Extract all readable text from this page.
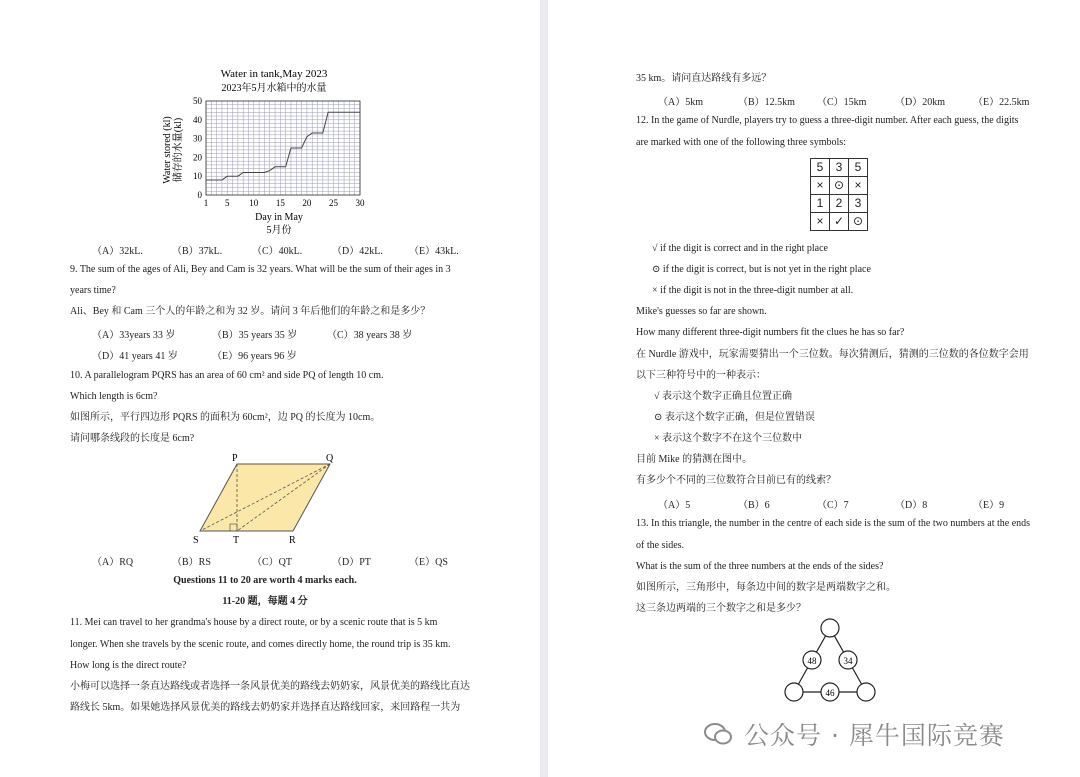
Water in tank,May 2023
2023年5月水箱中的水量
0
10
20
30
40
50
1 5 10 15 20 25 30
Water stored (kl) 储存的水量(kl)
Day in May
5月份
（A）32kL.	（B）37kL.	（C）40kL.	（D）42kL.	（E）43kL.
9. The sum of the ages of Ali, Bey and Cam is 32 years. What will be the sum of their ages in 3
years time?
Ali、Bey 和 Cam 三个人的年龄之和为 32 岁。请问 3 年后他们的年龄之和是多少？
（A）33years 33 岁	（B）35 years 35 岁	（C）38 years 38 岁
（D）41 years 41 岁	（E）96 years 96 岁
10. A parallelogram PQRS has an area of 60 cm² and side PQ of length 10 cm.
Which length is 6cm?
如图所示，平行四边形 PQRS 的面积为 60cm²，边 PQ 的长度为 10cm。
请问哪条线段的长度是 6cm?
P	Q
R
S	T
（A）RQ	（B）RS	（C）QT	（D）PT	（E）QS
Questions 11 to 20 are worth 4 marks each.
11-20 题，每题 4 分
11. Mei can travel to her grandma's house by a direct route, or by a scenic route that is 5 km
longer. When she travels by the scenic route, and comes directly home, the round trip is 35 km.
How long is the direct route?
小梅可以选择一条直达路线或者选择一条风景优美的路线去奶奶家，风景优美的路线比直达
路线长 5km。如果她选择风景优美的路线去奶奶家并选择直达路线回家，来回路程一共为
35 km。请问直达路线有多远？
（A）5km	（B）12.5km （C）15km	（D）20km	（E）22.5km
12. In the game of Nurdle, players try to guess a three-digit number. After each guess, the digits
are marked with one of the following three symbols:
5	3	5
×	⊙	×
1	2	3
×	✓	⊙
√ if the digit is correct and in the right place
⊙ if the digit is correct, but is not yet in the right place
× if the digit is not in the three-digit number at all.
Mike's guesses so far are shown.
How many different three-digit numbers fit the clues he has so far?
在 Nurdle 游戏中，玩家需要猜出一个三位数。每次猜测后，猜测的三位数的各位数字会用
以下三种符号中的一种表示：
√ 表示这个数字正确且位置正确
⊙ 表示这个数字正确，但是位置错误
× 表示这个数字不在这个三位数中
目前 Mike 的猜测在图中。
有多少个不同的三位数符合目前已有的线索？
（A）5	（B）6	（C）7	（D）8	（E）9
13. In this triangle, the number in the centre of each side is the sum of the two numbers at the ends
of the sides.
What is the sum of the three numbers at the ends of the sides?
如图所示，三角形中，每条边中间的数字是两端数字之和。
这三条边两端的三个数字之和是多少？
48	34
46
公众号 · 犀牛国际竞赛
